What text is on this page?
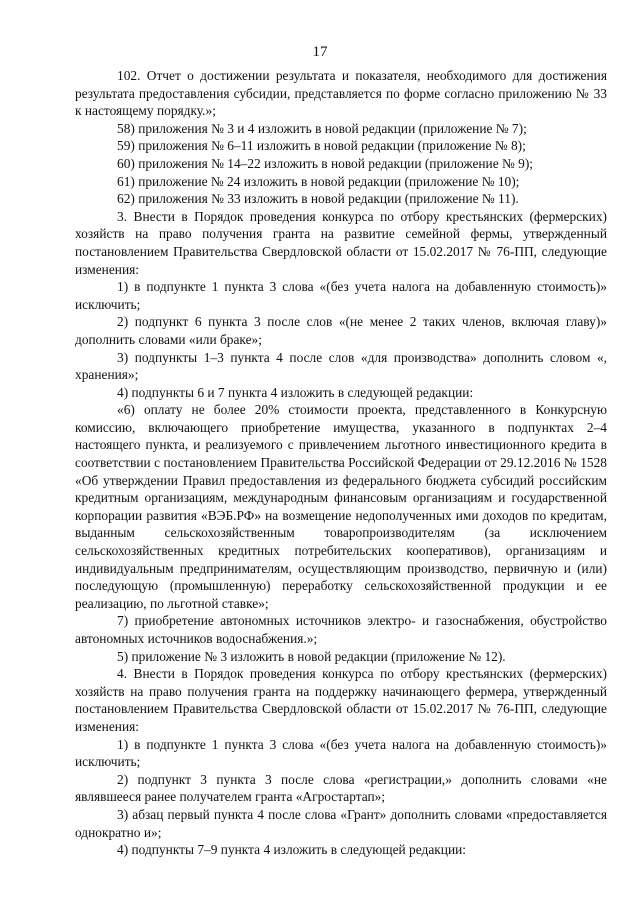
17

102. Отчет о достижении результата и показателя, необходимого для достижения результата предоставления субсидии, представляется по форме согласно приложению № 33 к настоящему порядку.»;

58) приложения № 3 и 4 изложить в новой редакции (приложение № 7);

59) приложения № 6–11 изложить в новой редакции (приложение № 8);

60) приложения № 14–22 изложить в новой редакции (приложение № 9);

61) приложение № 24 изложить в новой редакции (приложение № 10);

62) приложения № 33 изложить в новой редакции (приложение № 11).

3. Внести в Порядок проведения конкурса по отбору крестьянских (фермерских) хозяйств на право получения гранта на развитие семейной фермы, утвержденный постановлением Правительства Свердловской области от 15.02.2017 № 76-ПП, следующие изменения:

1) в подпункте 1 пункта 3 слова «(без учета налога на добавленную стоимость)» исключить;

2) подпункт 6 пункта 3 после слов «(не менее 2 таких членов, включая главу)» дополнить словами «или браке»;

3) подпункты 1–3 пункта 4 после слов «для производства» дополнить словом «, хранения»;

4) подпункты 6 и 7 пункта 4 изложить в следующей редакции:

«6) оплату не более 20% стоимости проекта, представленного в Конкурсную комиссию, включающего приобретение имущества, указанного в подпунктах 2–4 настоящего пункта, и реализуемого с привлечением льготного инвестиционного кредита в соответствии с постановлением Правительства Российской Федерации от 29.12.2016 № 1528 «Об утверждении Правил предоставления из федерального бюджета субсидий российским кредитным организациям, международным финансовым организациям и государственной корпорации развития «ВЭБ.РФ» на возмещение недополученных ими доходов по кредитам, выданным сельскохозяйственным товаропроизводителям (за исключением сельскохозяйственных кредитных потребительских кооперативов), организациям и индивидуальным предпринимателям, осуществляющим производство, первичную и (или) последующую (промышленную) переработку сельскохозяйственной продукции и ее реализацию, по льготной ставке»;

7) приобретение автономных источников электро- и газоснабжения, обустройство автономных источников водоснабжения.»;

5) приложение № 3 изложить в новой редакции (приложение № 12).

4. Внести в Порядок проведения конкурса по отбору крестьянских (фермерских) хозяйств на право получения гранта на поддержку начинающего фермера, утвержденный постановлением Правительства Свердловской области от 15.02.2017 № 76-ПП, следующие изменения:

1) в подпункте 1 пункта 3 слова «(без учета налога на добавленную стоимость)» исключить;

2) подпункт 3 пункта 3 после слова «регистрации,» дополнить словами «не являвшееся ранее получателем гранта «Агростартап»;

3) абзац первый пункта 4 после слова «Грант» дополнить словами «предоставляется однократно и»;

4) подпункты 7–9 пункта 4 изложить в следующей редакции:
